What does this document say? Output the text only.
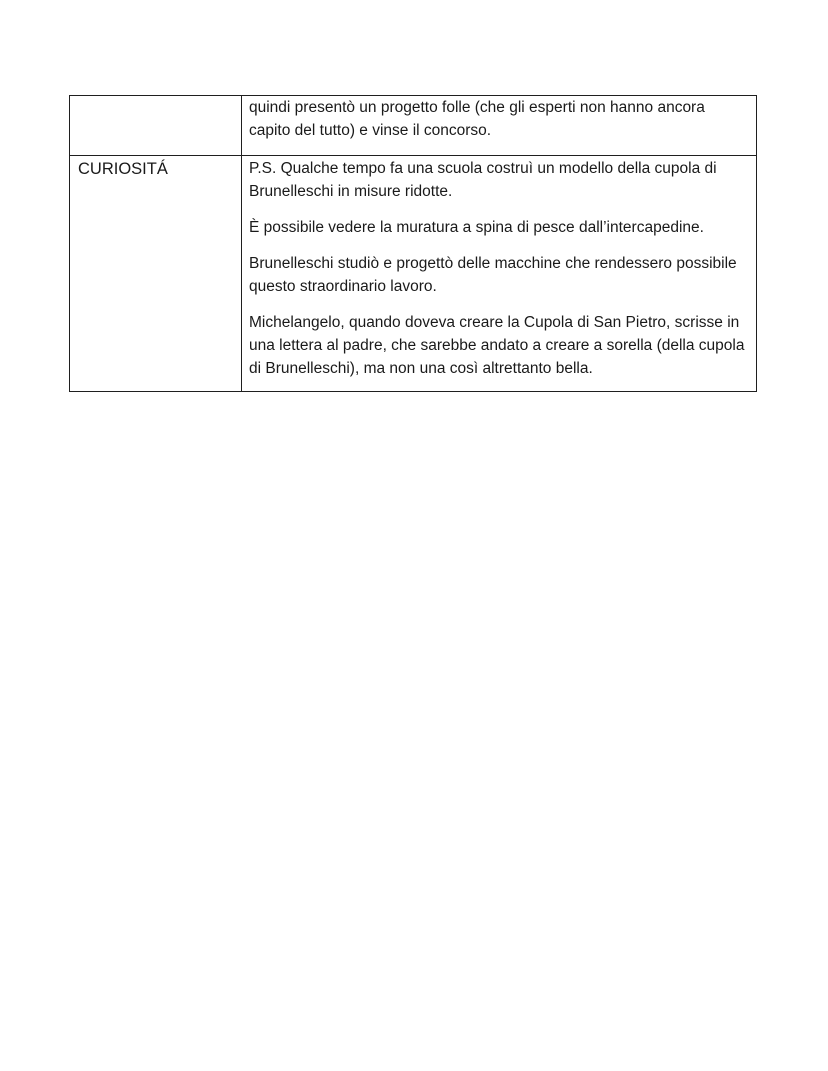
	quindi presentò un progetto folle (che gli esperti non hanno ancora capito del tutto) e vinse il concorso.

CURIOSITÁ	P.S. Qualche tempo fa una scuola costruì un modello della cupola di Brunelleschi in misure ridotte.

È possibile vedere la muratura a spina di pesce dall’intercapedine.

Brunelleschi studiò e progettò delle macchine che rendessero possibile questo straordinario lavoro.

Michelangelo, quando doveva creare la Cupola di San Pietro, scrisse in una lettera al padre, che sarebbe andato a creare a sorella (della cupola di Brunelleschi), ma non una così altrettanto bella.
